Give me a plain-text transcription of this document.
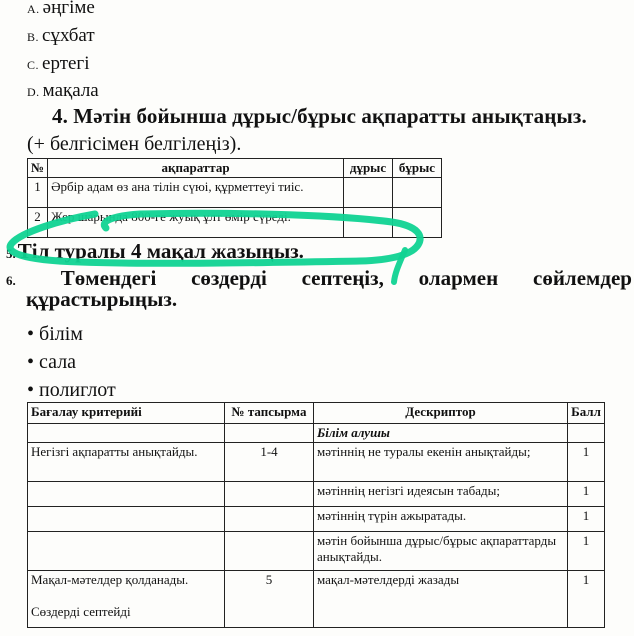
A. әңгіме
B. сұхбат
C. ертегі
D. мақала
4. Мәтін бойынша дұрыс/бұрыс ақпаратты анықтаңыз.
(+ белгісімен белгілеңіз).
№	ақпараттар	дұрыс	бұрыс
1	Әрбір адам өз ана тілін сүюі, құрметтеуі тиіс.		
2	Жер шарында 800-ге жуық ұлт өмір сүреді.		
5.Тіл туралы 4 мақал жазыңыз.
6.	Төмендегі сөздерді септеңіз, олармен сөйлемдер
құрастырыңыз.
• білім
• сала
• полиглот
Бағалау критерийі	№ тапсырма	Дескриптор	Балл
		Білім алушы	
Негізгі ақпаратты анықтайды.	1-4	мәтіннің не туралы екенін анықтайды;	1
		мәтіннің негізгі идеясын табады;	1
		мәтіннің түрін ажыратады.	1
		мәтін бойынша дұрыс/бұрыс ақпараттарды анықтайды.	1

Мақал-мәтелдер қолданады.
Сөздерді септейді	5	мақал-мәтелдерді жазады	1
